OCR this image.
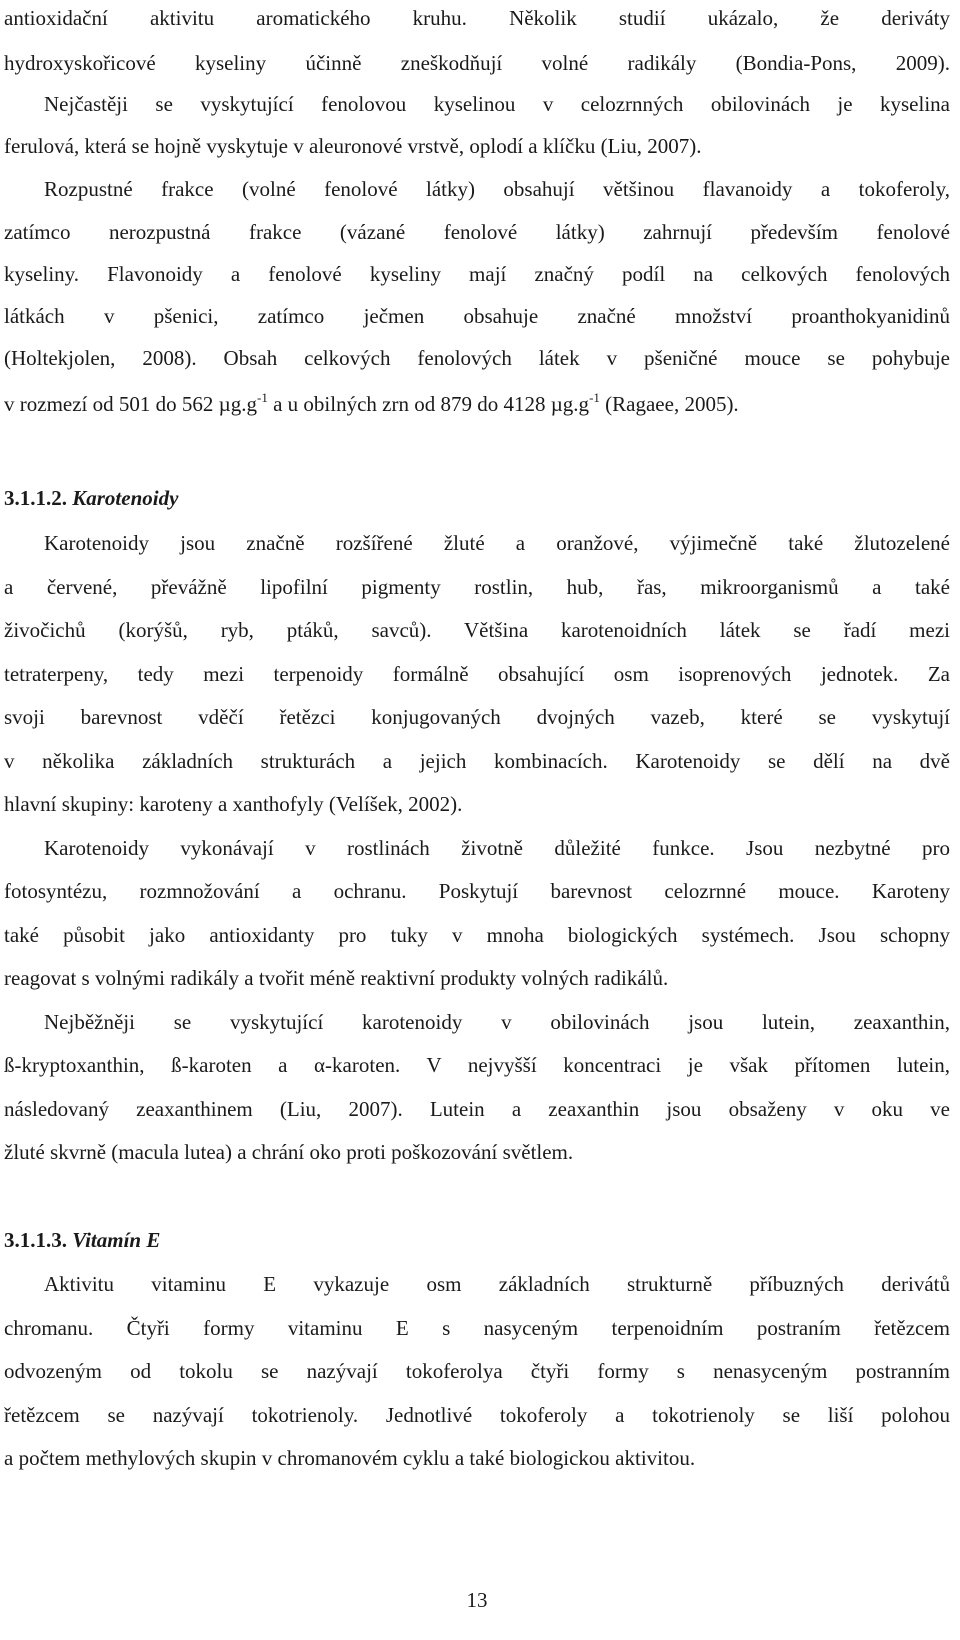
antioxidační aktivitu aromatického kruhu. Několik studií ukázalo, že deriváty
hydroxyskořicové kyseliny účinně zneškodňují volné radikály (Bondia-Pons, 2009).
Nejčastěji se vyskytující fenolovou kyselinou v celozrnných obilovinách je kyselina
ferulová, která se hojně vyskytuje v aleuronové vrstvě, oplodí a klíčku (Liu, 2007).
Rozpustné frakce (volné fenolové látky) obsahují většinou flavanoidy a tokoferoly,
zatímco nerozpustná frakce (vázané fenolové látky) zahrnují především fenolové
kyseliny. Flavonoidy a fenolové kyseliny mají značný podíl na celkových fenolových
látkách v pšenici, zatímco ječmen obsahuje značné množství proanthokyanidinů
(Holtekjolen, 2008). Obsah celkových fenolových látek v pšeničné mouce se pohybuje
v rozmezí od 501 do 562 $\mu g.g^{-1}$ a u obilných zrn od 879 do 4128 $\mu g.g^{-1}$ (Ragaee, 2005).
3.1.1.2. Karotenoidy
Karotenoidy jsou značně rozšířené žluté a oranžové, výjimečně také žlutozelené
a červené, převážně lipofilní pigmenty rostlin, hub, řas, mikroorganismů a také
živočichů (korýšů, ryb, ptáků, savců). Většina karotenoidních látek se řadí mezi
tetraterpeny, tedy mezi terpenoidy formálně obsahující osm isoprenových jednotek. Za
svoji barevnost vděčí řetězci konjugovaných dvojných vazeb, které se vyskytují
v několika základních strukturách a jejich kombinacích. Karotenoidy se dělí na dvě
hlavní skupiny: karoteny a xanthofyly (Velíšek, 2002).
Karotenoidy vykonávají v rostlinách životně důležité funkce. Jsou nezbytné pro
fotosyntézu, rozmnožování a ochranu. Poskytují barevnost celozrnné mouce. Karoteny
také působit jako antioxidanty pro tuky v mnoha biologických systémech. Jsou schopny
reagovat s volnými radikály a tvořit méně reaktivní produkty volných radikálů.
Nejběžněji se vyskytující karotenoidy v obilovinách jsou lutein, zeaxanthin,
ß-kryptoxanthin, ß-karoten a α-karoten. V nejvyšší koncentraci je však přítomen lutein,
následovaný zeaxanthinem (Liu, 2007). Lutein a zeaxanthin jsou obsaženy v oku ve
žluté skvrně (macula lutea) a chrání oko proti poškozování světlem.
3.1.1.3. Vitamín E
Aktivitu vitaminu E vykazuje osm základních strukturně příbuzných derivátů
chromanu. Čtyři formy vitaminu E s nasyceným terpenoidním postraním řetězcem
odvozeným od tokolu se nazývají tokoferolya čtyři formy s nenasyceným postranním
řetězcem se nazývají tokotrienoly. Jednotlivé tokoferoly a tokotrienoly se liší polohou
a počtem methylových skupin v chromanovém cyklu a také biologickou aktivitou.
13
